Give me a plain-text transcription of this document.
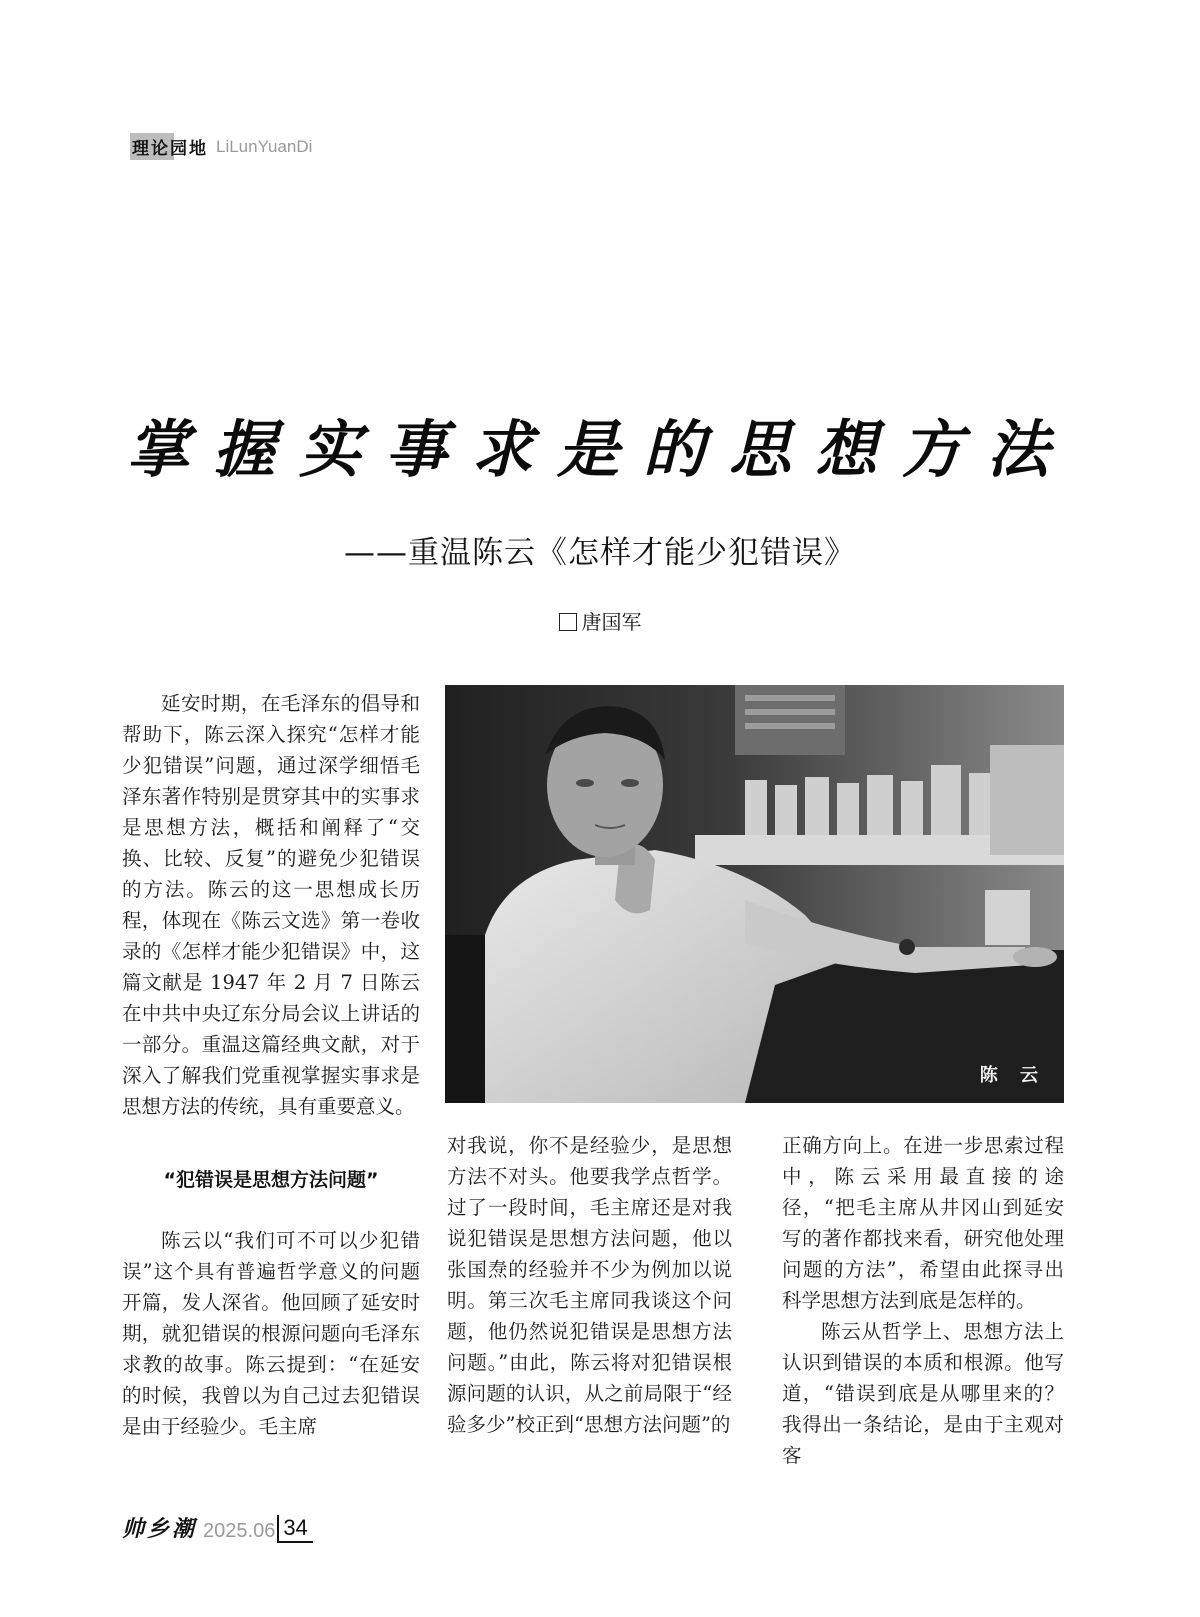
理论园地 LiLunYuanDi
掌握实事求是的思想方法
——重温陈云《怎样才能少犯错误》
唐国军

延安时期，在毛泽东的倡导和帮助下，陈云深入探究“怎样才能少犯错误”问题，通过深学细悟毛泽东著作特别是贯穿其中的实事求是思想方法，概括和阐释了“交换、比较、反复”的避免少犯错误的方法。陈云的这一思想成长历程，体现在《陈云文选》第一卷收录的《怎样才能少犯错误》中，这篇文献是 1947 年 2 月 7 日陈云在中共中央辽东分局会议上讲话的一部分。重温这篇经典文献，对于深入了解我们党重视掌握实事求是思想方法的传统，具有重要意义。

“犯错误是思想方法问题”

陈云以“我们可不可以少犯错误”这个具有普遍哲学意义的问题开篇，发人深省。他回顾了延安时期，就犯错误的根源问题向毛泽东求教的故事。陈云提到：“在延安的时候，我曾以为自己过去犯错误是由于经验少。毛主席

陈 云

对我说，你不是经验少，是思想方法不对头。他要我学点哲学。过了一段时间，毛主席还是对我说犯错误是思想方法问题，他以张国焘的经验并不少为例加以说明。第三次毛主席同我谈这个问题，他仍然说犯错误是思想方法问题。”由此，陈云将对犯错误根源问题的认识，从之前局限于“经验多少”校正到“思想方法问题”的

正确方向上。在进一步思索过程中，陈云采用最直接的途径，“把毛主席从井冈山到延安写的著作都找来看，研究他处理问题的方法”，希望由此探寻出科学思想方法到底是怎样的。

陈云从哲学上、思想方法上认识到错误的本质和根源。他写道，“错误到底是从哪里来的？我得出一条结论，是由于主观对客

帅乡潮 2025.06 34
